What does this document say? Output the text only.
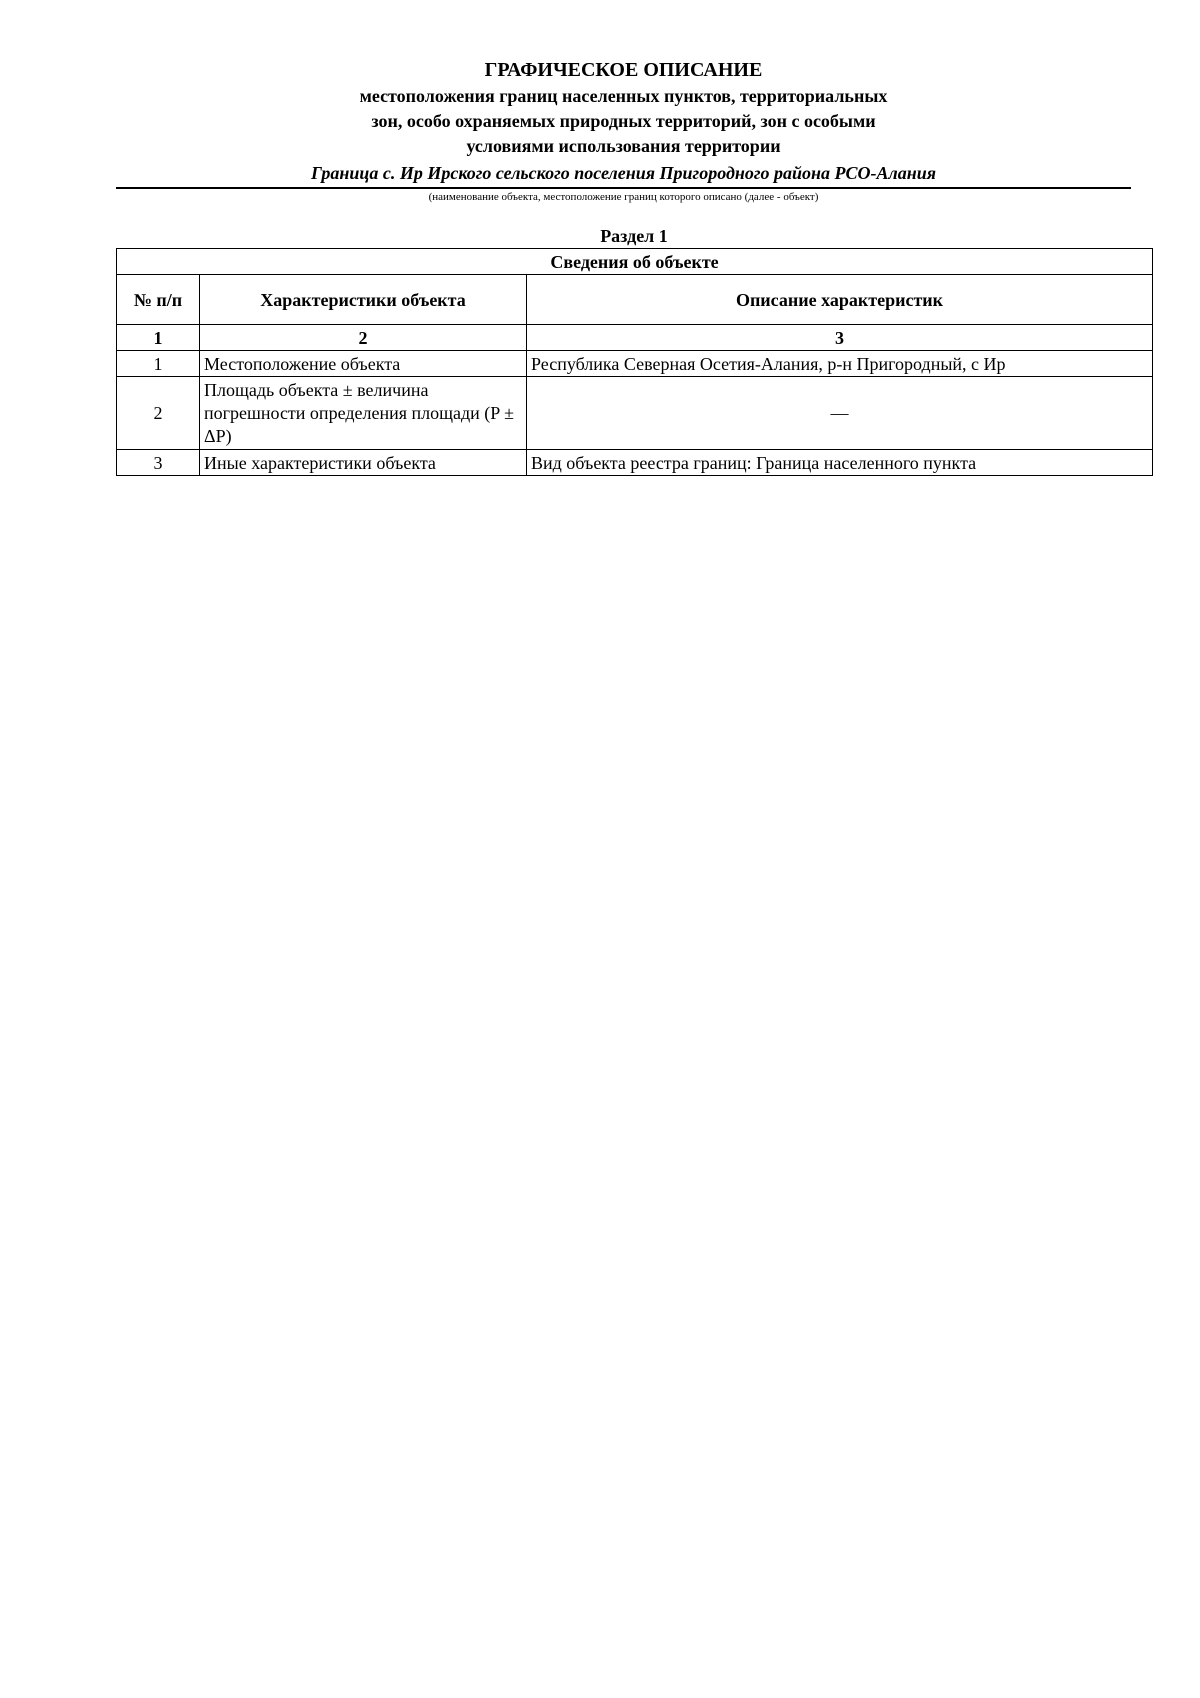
ГРАФИЧЕСКОЕ ОПИСАНИЕ

местоположения границ населенных пунктов, территориальных
зон, особо охраняемых природных территорий, зон с особыми
условиями использования территории

Граница с. Ир Ирского сельского поселения Пригородного района РСО-Алания

(наименование объекта, местоположение границ которого описано (далее - объект)

Раздел 1
Сведения об объекте		
№ п/п	Характеристики объекта	Описание характеристик
1	2	3
1	Местоположение объекта	Республика Северная Осетия-Алания, р-н Пригородный, с Ир
2	Площадь объекта ± величина погрешности определения площади (P ± ΔP)	—
3	Иные характеристики объекта	Вид объекта реестра границ: Граница населенного пункта
